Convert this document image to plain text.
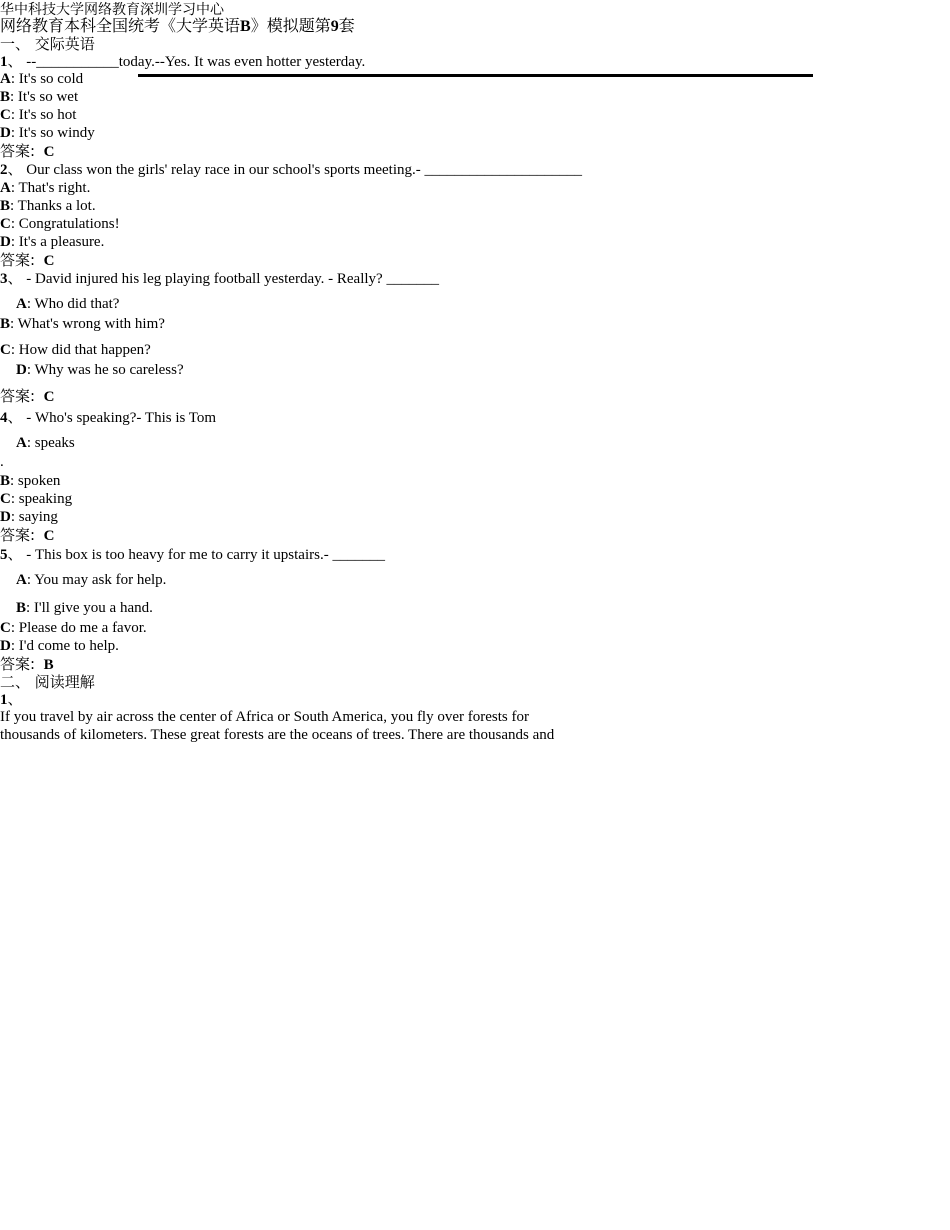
华中科技大学网络教育深圳学习中心
网络教育本科全国统考《大学英语B》模拟题第9套
一、 交际英语
1、 --___________today.--Yes. It was even hotter yesterday.
A: It's so cold
B: It's so wet
C: It's so hot
D: It's so windy
答案:  C
2、 Our class won the girls' relay race in our school's sports meeting.- _____________________
A: That's right.
B: Thanks a lot.
C: Congratulations!
D: It's a pleasure.
答案:  C
3、 - David injured his leg playing football yesterday. - Really? _______
A: Who did that?
B: What's wrong with him?
C: How did that happen?
D: Why was he so careless?
答案:  C
4、 - Who's speaking?- This is Tom
A: speaks
.
B: spoken
C: speaking
D: saying
答案:  C
5、 - This box is too heavy for me to carry it upstairs.- _______
A: You may ask for help.
B: I'll give you a hand.
C: Please do me a favor.
D: I'd come to help.
答案:  B
二、 阅读理解
1、
If you travel by air across the center of Africa or South America, you fly over forests for
thousands of kilometers. These great forests are the oceans of trees. There are thousands and
